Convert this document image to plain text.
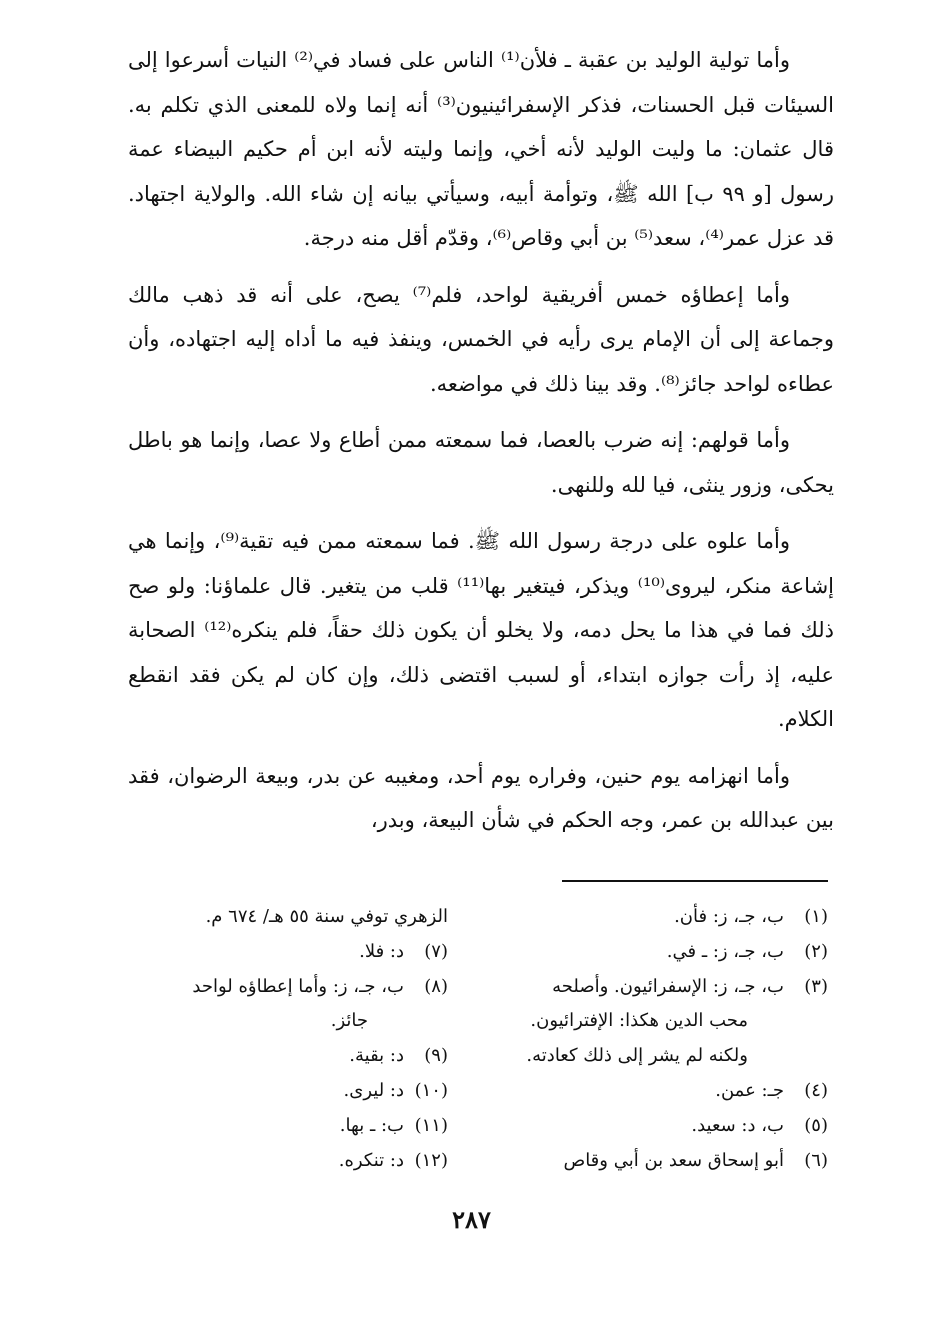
وأما تولية الوليد بن عقبة ـ فلأن⁽¹⁾ الناس على فساد في⁽²⁾ النيات أسرعوا إلى السيئات قبل الحسنات، فذكر الإسفرائينيون⁽³⁾ أنه إنما ولاه للمعنى الذي تكلم به. قال عثمان: ما وليت الوليد لأنه أخي، وإنما وليته لأنه ابن أم حكيم البيضاء عمة رسول [و ٩٩ ب] الله ﷺ، وتوأمة أبيه، وسيأتي بيانه إن شاء الله. والولاية اجتهاد. قد عزل عمر⁽⁴⁾، سعد⁽⁵⁾ بن أبي وقاص⁽⁶⁾، وقدّم أقل منه درجة.

وأما إعطاؤه خمس أفريقية لواحد، فلم⁽⁷⁾ يصح، على أنه قد ذهب مالك وجماعة إلى أن الإمام يرى رأيه في الخمس، وينفذ فيه ما أداه إليه اجتهاده، وأن عطاءه لواحد جائز⁽⁸⁾. وقد بينا ذلك في مواضعه.

وأما قولهم: إنه ضرب بالعصا، فما سمعته ممن أطاع ولا عصا، وإنما هو باطل يحكى، وزور ينثى، فيا لله وللنهى.

وأما علوه على درجة رسول الله ﷺ. فما سمعته ممن فيه تقية⁽⁹⁾، وإنما هي إشاعة منكر، ليروى⁽¹⁰⁾ ويذكر، فيتغير بها⁽¹¹⁾ قلب من يتغير. قال علماؤنا: ولو صح ذلك فما في هذا ما يحل دمه، ولا يخلو أن يكون ذلك حقاً، فلم ينكره⁽¹²⁾ الصحابة عليه، إذ رأت جوازه ابتداء، أو لسبب اقتضى ذلك، وإن كان لم يكن فقد انقطع الكلام.

وأما انهزامه يوم حنين، وفراره يوم أحد، ومغيبه عن بدر، وبيعة الرضوان، فقد بين عبدالله بن عمر، وجه الحكم في شأن البيعة، وبدر،

(١)
ب، جـ، ز: فأن.
(٢)
ب، جـ، ز: ـ في.
(٣)
ب، جـ، ز: الإسفرائيون. وأصلحه
محب الدين هكذا: الإفترائيون.
ولكنه لم يشر إلى ذلك كعادته.
(٤)
جـ: عمن.
(٥)
ب، د: سعيد.
(٦)
أبو إسحاق سعد بن أبي وقاص
الزهري توفي سنة ٥٥ هـ/ ٦٧٤ م.
(٧)
د: فلا.
(٨)
ب، جـ، ز: وأما إعطاؤه لواحد
جائز.
(٩)
د: بقية.
(١٠)
د: ليرى.
(١١)
ب: ـ بها.
(١٢)
د: تنكره.
٢٨٧
